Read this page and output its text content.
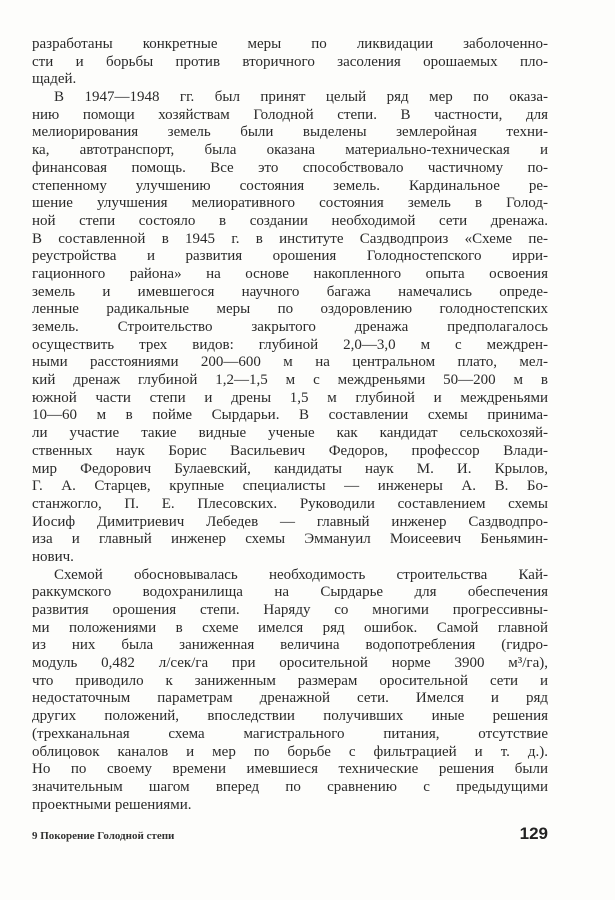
разработаны конкретные меры по ликвидации заболоченно-
сти и борьбы против вторичного засоления орошаемых пло-
щадей.
В 1947—1948 гг. был принят целый ряд мер по оказа-
нию помощи хозяйствам Голодной степи. В частности, для
мелиорирования земель были выделены землеройная техни-
ка, автотранспорт, была оказана материально-техническая и
финансовая помощь. Все это способствовало частичному по-
степенному улучшению состояния земель. Кардинальное ре-
шение улучшения мелиоративного состояния земель в Голод-
ной степи состояло в создании необходимой сети дренажа.
В составленной в 1945 г. в институте Саздводпроиз «Схеме пе-
реустройства и развития орошения Голодностепского ирри-
гационного района» на основе накопленного опыта освоения
земель и имевшегося научного багажа намечались опреде-
ленные радикальные меры по оздоровлению голодностепских
земель. Строительство закрытого дренажа предполагалось
осуществить трех видов: глубиной 2,0—3,0 м с междрен-
ными расстояниями 200—600 м на центральном плато, мел-
кий дренаж глубиной 1,2—1,5 м с междреньями 50—200 м в
южной части степи и дрены 1,5 м глубиной и междреньями
10—60 м в пойме Сырдарьи. В составлении схемы принима-
ли участие такие видные ученые как кандидат сельскохозяй-
ственных наук Борис Васильевич Федоров, профессор Влади-
мир Федорович Булаевский, кандидаты наук М. И. Крылов,
Г. А. Старцев, крупные специалисты — инженеры А. В. Бо-
станжогло, П. Е. Плесовских. Руководили составлением схемы
Иосиф Димитриевич Лебедев — главный инженер Саздводпро-
иза и главный инженер схемы Эммануил Моисеевич Беньямин-
нович.
Схемой обосновывалась необходимость строительства Кай-
раккумского водохранилища на Сырдарье для обеспечения
развития орошения степи. Наряду со многими прогрессивны-
ми положениями в схеме имелся ряд ошибок. Самой главной
из них была заниженная величина водопотребления (гидро-
модуль 0,482 л/сек/га при оросительной норме 3900 м³/га),
что приводило к заниженным размерам оросительной сети и
недостаточным параметрам дренажной сети. Имелся и ряд
других положений, впоследствии получивших иные решения
(трехканальная схема магистрального питания, отсутствие
облицовок каналов и мер по борьбе с фильтрацией и т. д.).
Но по своему времени имевшиеся технические решения были
значительным шагом вперед по сравнению с предыдущими
проектными решениями.
9 Покорение Голодной степи	129
